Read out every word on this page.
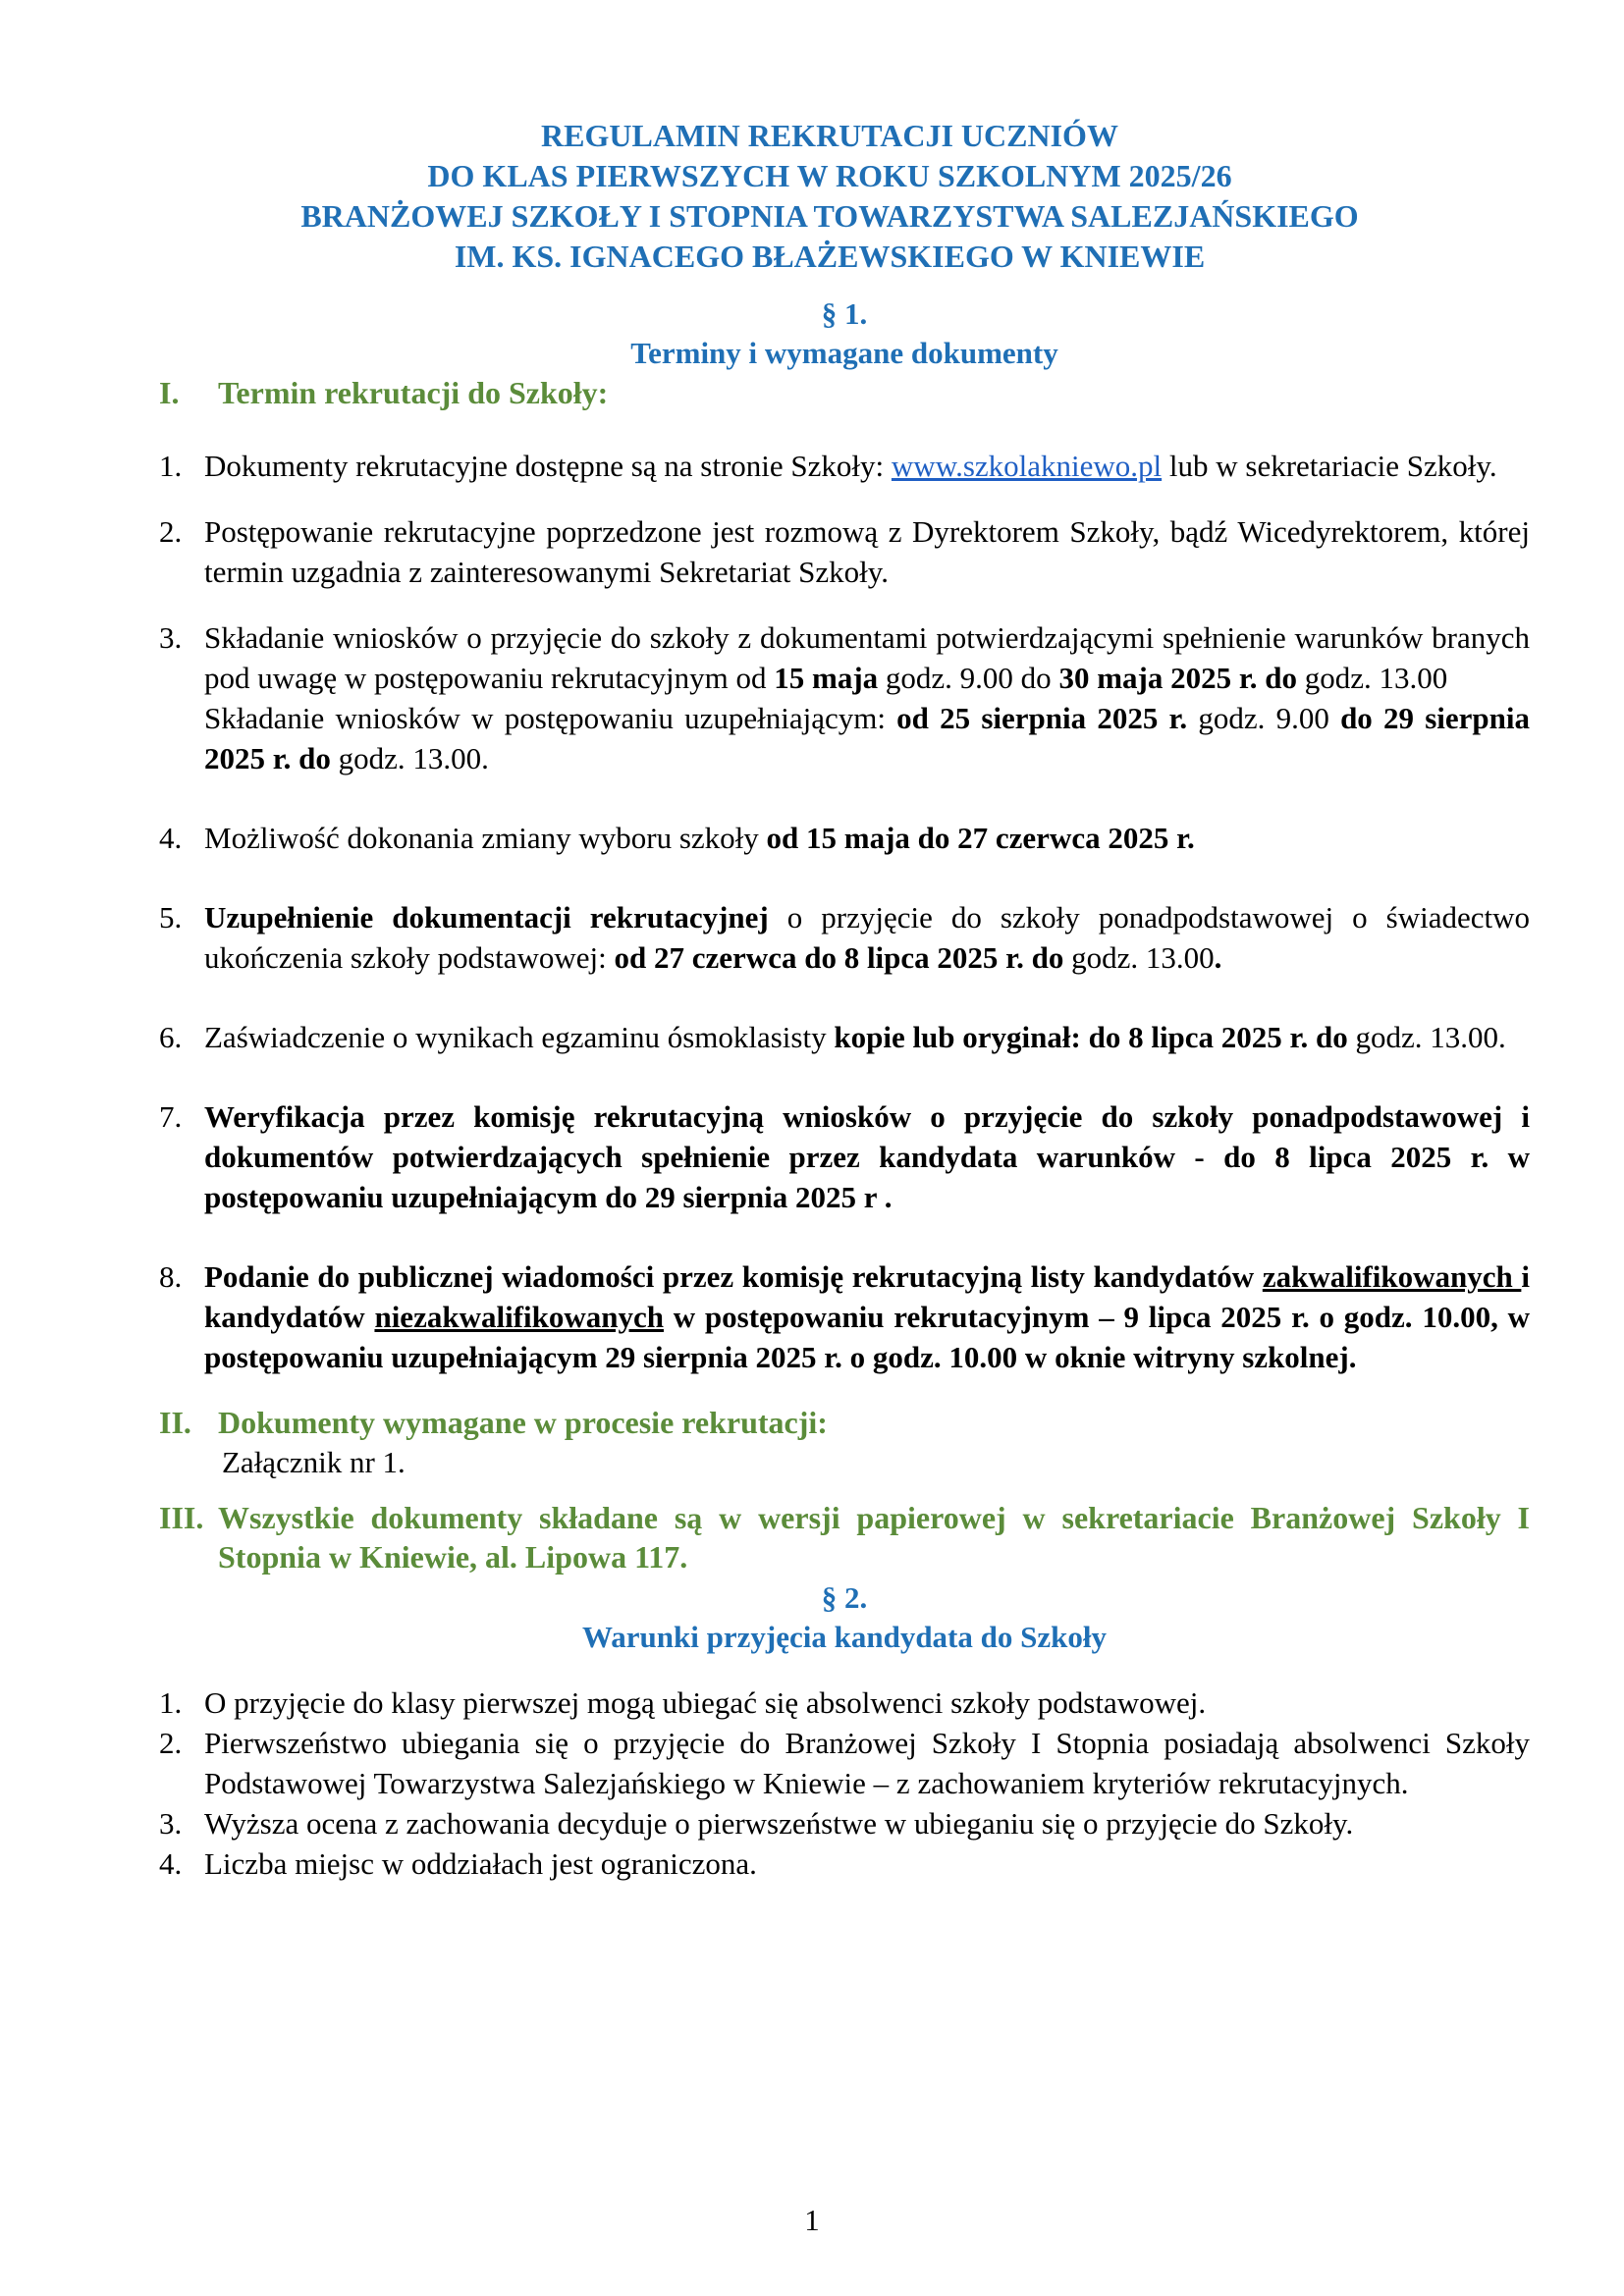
REGULAMIN REKRUTACJI UCZNIÓW
DO KLAS PIERWSZYCH W ROKU SZKOLNYM 2025/26
BRANŻOWEJ SZKOŁY I STOPNIA TOWARZYSTWA SALEZJAŃSKIEGO
IM. KS. IGNACEGO BŁAŻEWSKIEGO W KNIEWIE
§ 1.
Terminy i wymagane dokumenty
I.	Termin rekrutacji do Szkoły:
1. Dokumenty rekrutacyjne dostępne są na stronie Szkoły: www.szkolakniewo.pl lub w sekretariacie Szkoły.
2. Postępowanie rekrutacyjne poprzedzone jest rozmową z Dyrektorem Szkoły, bądź Wicedyrektorem, której termin uzgadnia z zainteresowanymi Sekretariat Szkoły.
3. Składanie wniosków o przyjęcie do szkoły z dokumentami potwierdzającymi spełnienie warunków branych pod uwagę w postępowaniu rekrutacyjnym od 15 maja godz. 9.00 do 30 maja 2025 r. do godz. 13.00
Składanie wniosków w postępowaniu uzupełniającym: od 25 sierpnia 2025 r. godz. 9.00 do 29 sierpnia 2025 r. do godz. 13.00.
4. Możliwość dokonania zmiany wyboru szkoły od 15 maja do 27 czerwca 2025 r.
5. Uzupełnienie dokumentacji rekrutacyjnej o przyjęcie do szkoły ponadpodstawowej o świadectwo ukończenia szkoły podstawowej: od 27 czerwca do 8 lipca 2025 r. do godz. 13.00.
6. Zaświadczenie o wynikach egzaminu ósmoklasisty kopie lub oryginał: do 8 lipca 2025 r. do godz. 13.00.
7. Weryfikacja przez komisję rekrutacyjną wniosków o przyjęcie do szkoły ponadpodstawowej i dokumentów potwierdzających spełnienie przez kandydata warunków - do 8 lipca 2025 r. w postępowaniu uzupełniającym do 29 sierpnia 2025 r .
8. Podanie do publicznej wiadomości przez komisję rekrutacyjną listy kandydatów zakwalifikowanych i kandydatów niezakwalifikowanych w postępowaniu rekrutacyjnym – 9 lipca 2025 r. o godz. 10.00, w postępowaniu uzupełniającym 29 sierpnia 2025 r. o godz. 10.00 w oknie witryny szkolnej.
II. Dokumenty wymagane w procesie rekrutacji:
Załącznik nr 1.
III. Wszystkie dokumenty składane są w wersji papierowej w sekretariacie Branżowej Szkoły I Stopnia w Kniewie, al. Lipowa 117.
§ 2.
Warunki przyjęcia kandydata do Szkoły
1. O przyjęcie do klasy pierwszej mogą ubiegać się absolwenci szkoły podstawowej.
2. Pierwszeństwo ubiegania się o przyjęcie do Branżowej Szkoły I Stopnia posiadają absolwenci Szkoły Podstawowej Towarzystwa Salezjańskiego w Kniewie – z zachowaniem kryteriów rekrutacyjnych.
3. Wyższa ocena z zachowania decyduje o pierwszeństwe w ubieganiu się o przyjęcie do Szkoły.
4. Liczba miejsc w oddziałach jest ograniczona.
1
